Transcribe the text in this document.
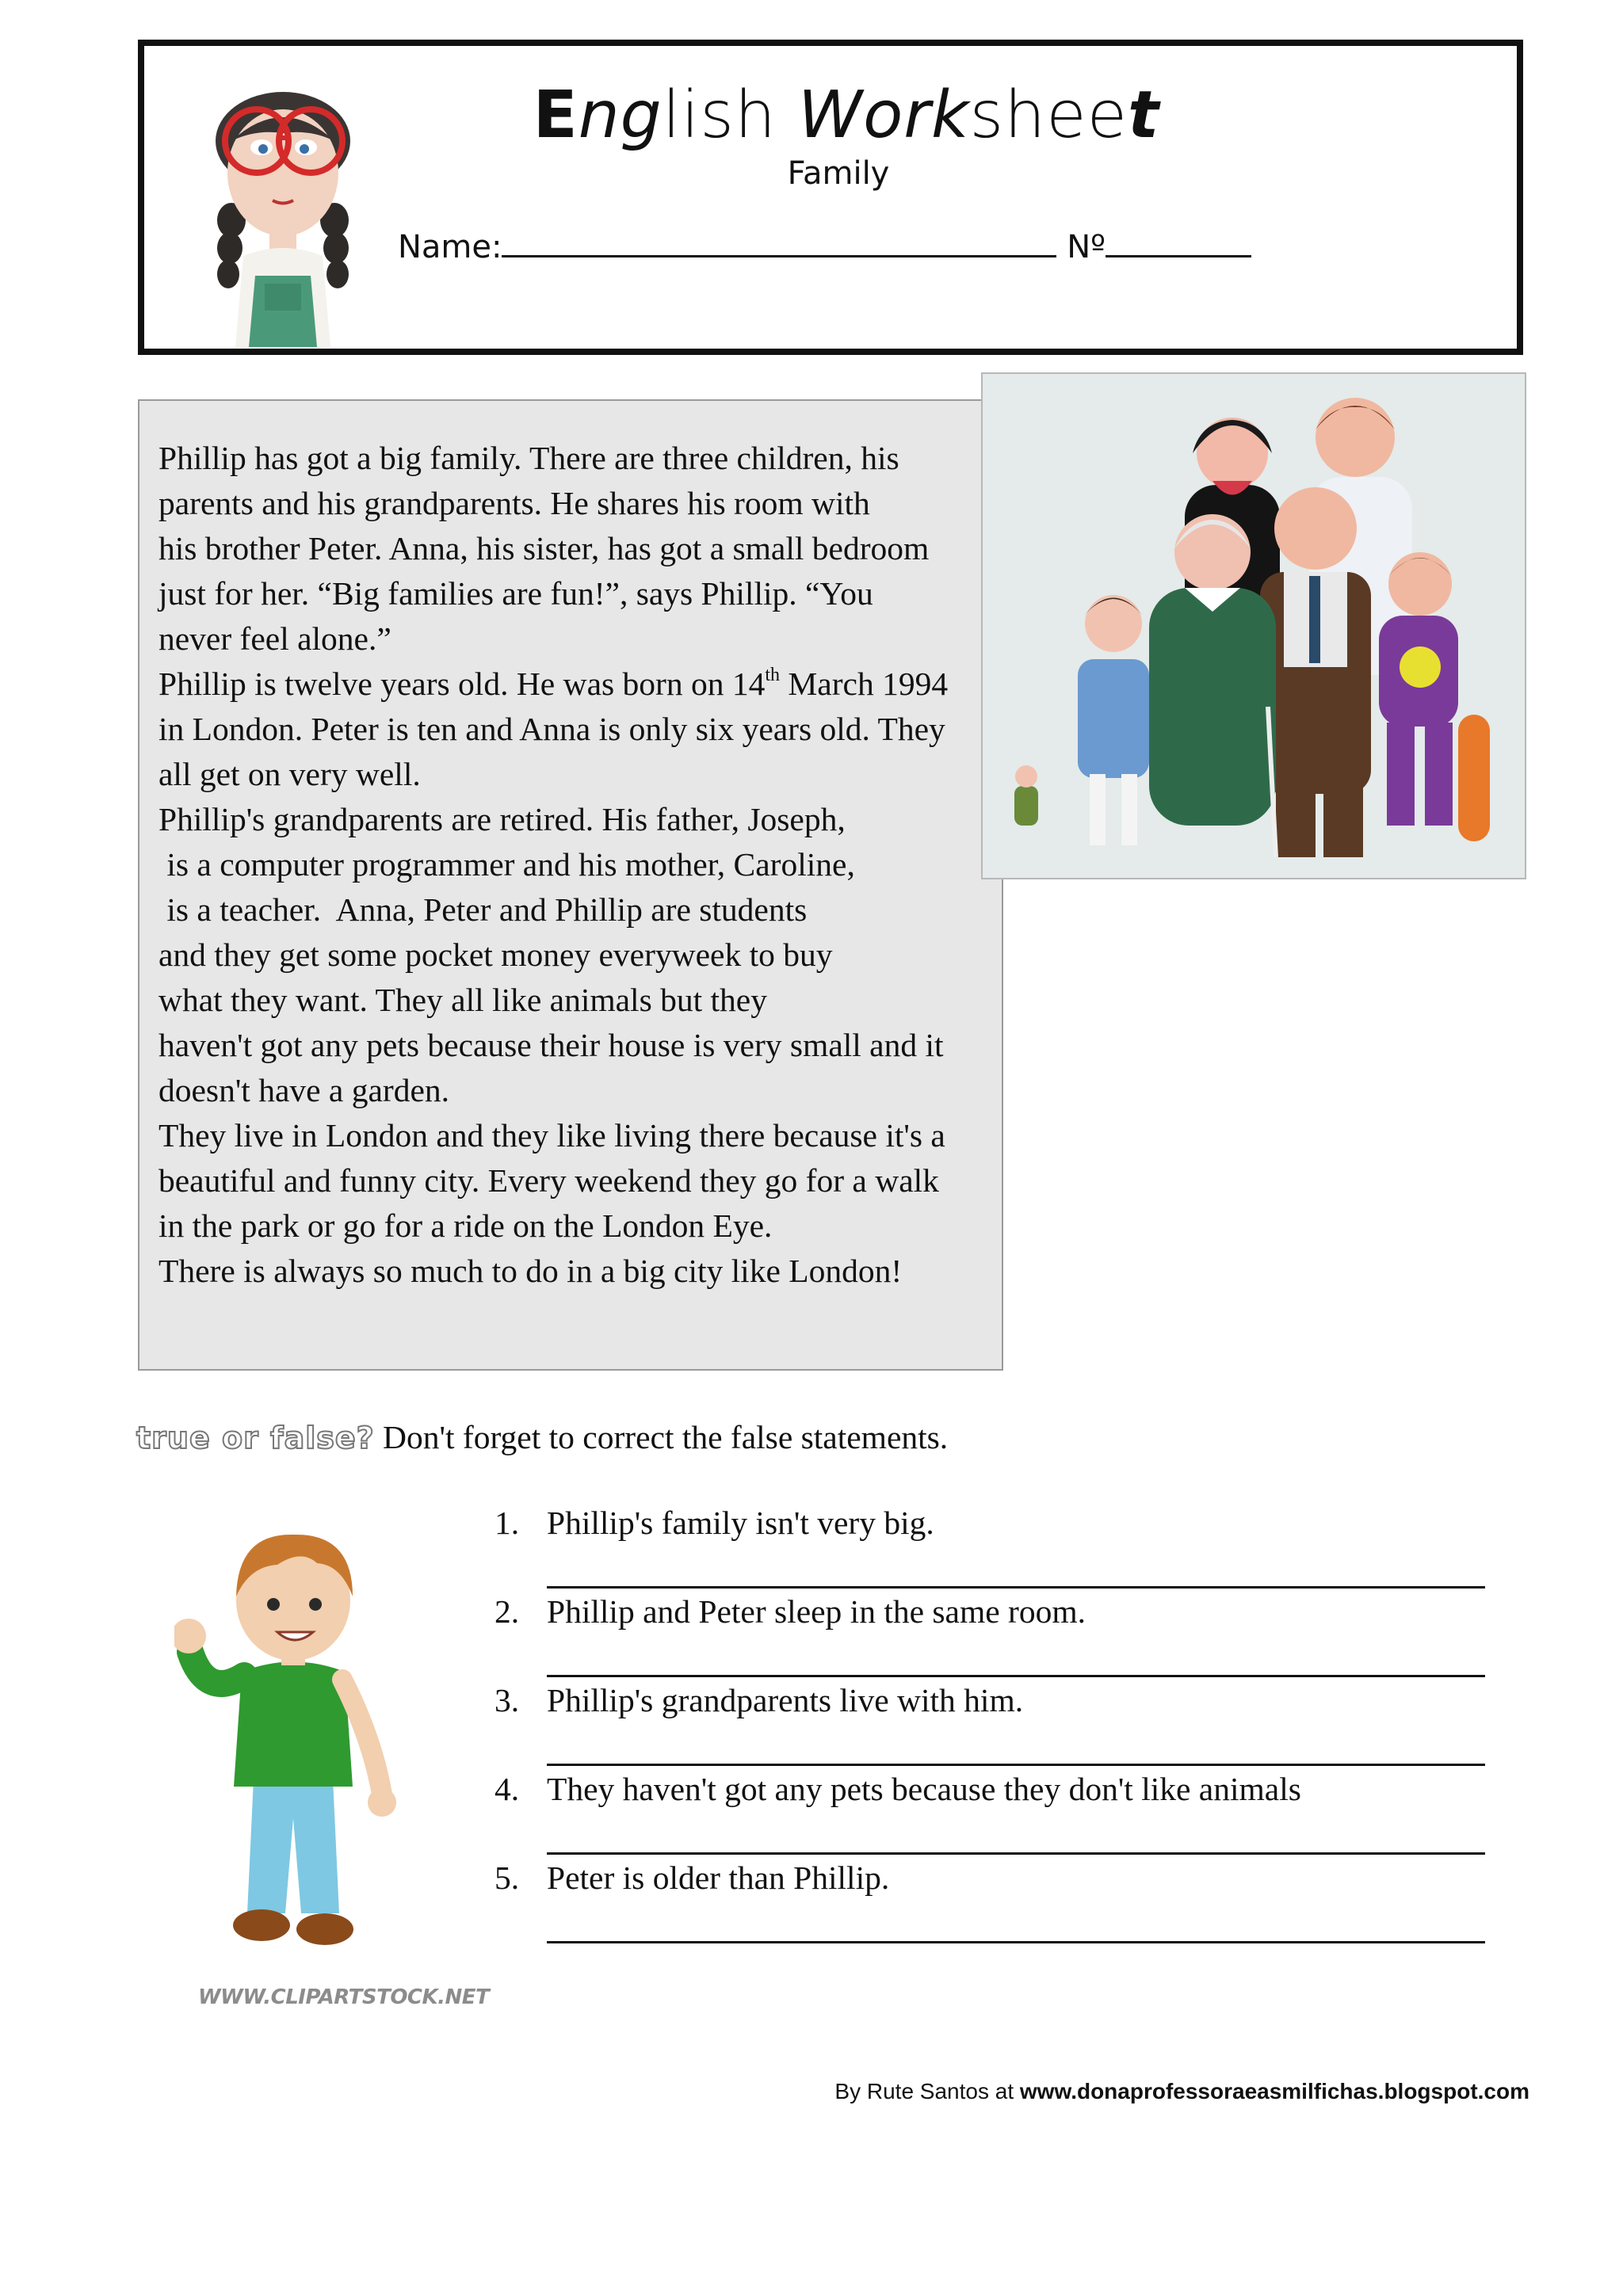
English Worksheet
Family
Name:	Nº
Phillip has got a big family. There are three children, his
parents and his grandparents. He shares his room with
his brother Peter. Anna, his sister, has got a small bedroom
just for her. “Big families are fun!”, says Phillip. “You
never feel alone.”
Phillip is twelve years old. He was born on 14th March 1994
in London. Peter is ten and Anna is only six years old. They
all get on very well.
Phillip's grandparents are retired. His father, Joseph,
is a computer programmer and his mother, Caroline,
is a teacher.  Anna, Peter and Phillip are students
and they get some pocket money everyweek to buy
what they want. They all like animals but they
haven't got any pets because their house is very small and it
doesn't have a garden.
They live in London and they like living there because it's a
beautiful and funny city. Every weekend they go for a walk
in the park or go for a ride on the London Eye.
There is always so much to do in a big city like London!
true or false? Don't forget to correct the false statements.
WWW.CLIPARTSTOCK.NET
1. Phillip's family isn't very big.
2. Phillip and Peter sleep in the same room.
3. Phillip's grandparents live with him.
4. They haven't got any pets because they don't like animals
5. Peter is older than Phillip.
By Rute Santos at www.donaprofessoraeasmilfichas.blogspot.com
